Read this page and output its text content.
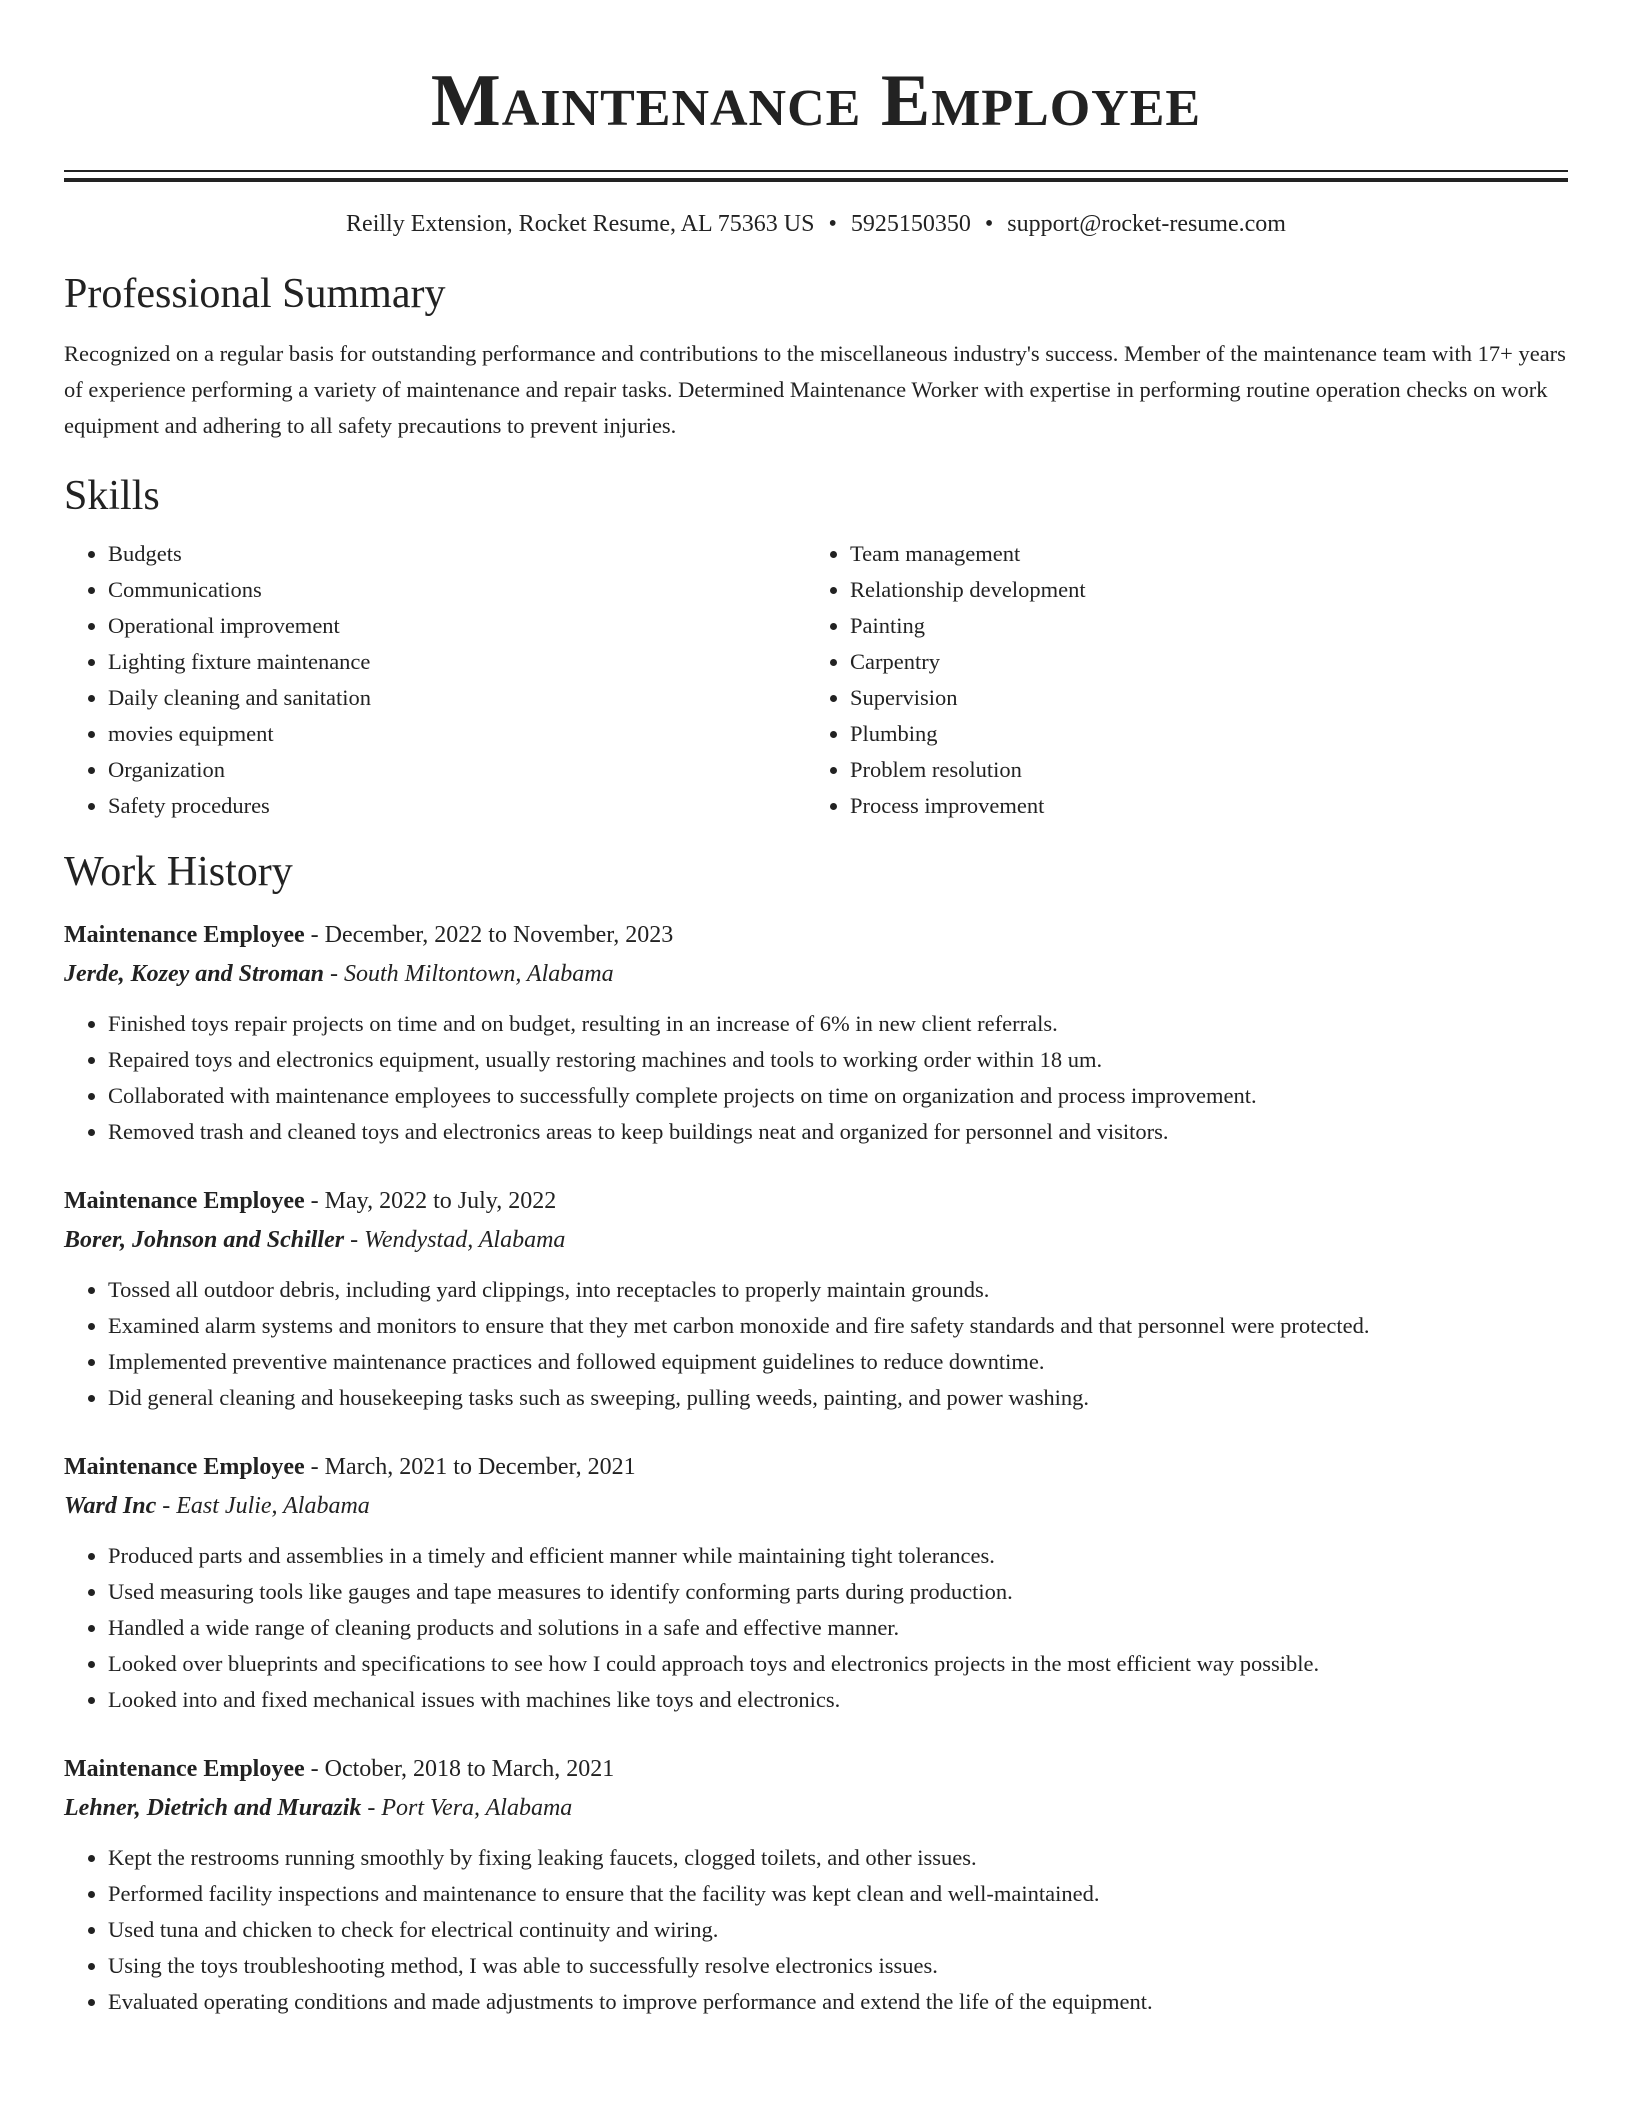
Maintenance Employee
Reilly Extension, Rocket Resume, AL 75363 US • 5925150350 • support@rocket-resume.com
Professional Summary

Recognized on a regular basis for outstanding performance and contributions to the miscellaneous industry's success. Member of the maintenance team with 17+ years of experience performing a variety of maintenance and repair tasks. Determined Maintenance Worker with expertise in performing routine operation checks on work equipment and adhering to all safety precautions to prevent injuries.

Skills
• Budgets
• Communications
• Operational improvement
• Lighting fixture maintenance
• Daily cleaning and sanitation
• movies equipment
• Organization
• Safety procedures
• Team management
• Relationship development
• Painting
• Carpentry
• Supervision
• Plumbing
• Problem resolution
• Process improvement
Work History
Maintenance Employee - December, 2022 to November, 2023
Jerde, Kozey and Stroman - South Miltontown, Alabama
• Finished toys repair projects on time and on budget, resulting in an increase of 6% in new client referrals.
• Repaired toys and electronics equipment, usually restoring machines and tools to working order within 18 um.
• Collaborated with maintenance employees to successfully complete projects on time on organization and process improvement.
• Removed trash and cleaned toys and electronics areas to keep buildings neat and organized for personnel and visitors.
Maintenance Employee - May, 2022 to July, 2022
Borer, Johnson and Schiller - Wendystad, Alabama
• Tossed all outdoor debris, including yard clippings, into receptacles to properly maintain grounds.
• Examined alarm systems and monitors to ensure that they met carbon monoxide and fire safety standards and that personnel were protected.
• Implemented preventive maintenance practices and followed equipment guidelines to reduce downtime.
• Did general cleaning and housekeeping tasks such as sweeping, pulling weeds, painting, and power washing.
Maintenance Employee - March, 2021 to December, 2021
Ward Inc - East Julie, Alabama
• Produced parts and assemblies in a timely and efficient manner while maintaining tight tolerances.
• Used measuring tools like gauges and tape measures to identify conforming parts during production.
• Handled a wide range of cleaning products and solutions in a safe and effective manner.
• Looked over blueprints and specifications to see how I could approach toys and electronics projects in the most efficient way possible.
• Looked into and fixed mechanical issues with machines like toys and electronics.
Maintenance Employee - October, 2018 to March, 2021
Lehner, Dietrich and Murazik - Port Vera, Alabama
• Kept the restrooms running smoothly by fixing leaking faucets, clogged toilets, and other issues.
• Performed facility inspections and maintenance to ensure that the facility was kept clean and well-maintained.
• Used tuna and chicken to check for electrical continuity and wiring.
• Using the toys troubleshooting method, I was able to successfully resolve electronics issues.
• Evaluated operating conditions and made adjustments to improve performance and extend the life of the equipment.
